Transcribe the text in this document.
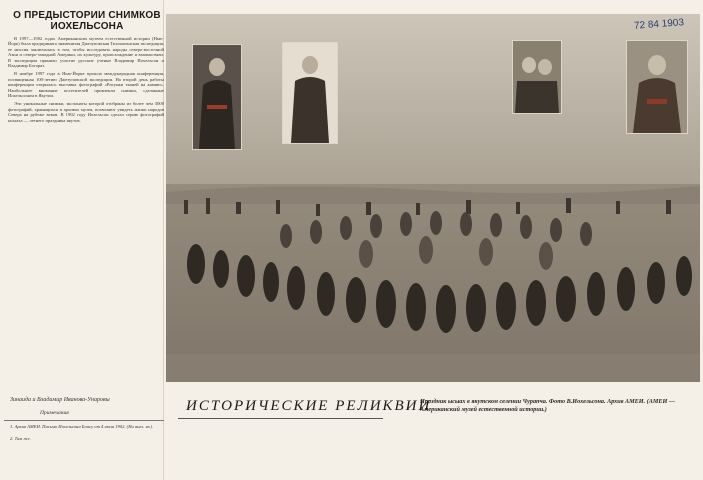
О ПРЕДЫСТОРИИ СНИМКОВ ИОХЕЛЬСОНА

В 1997—1902 годах Американским музеем естественной истории (Нью-Йорк) была предпринята знаменитая Джезуповская Тихоокеанская экспедиция, ее миссия заключалась в том, чтобы исследовать народы северо-восточной Азии и северо-западной Америки, их культуру, происхождение и взаимосвязи. В экспедиции приняли участие русские ученые Владимир Иохельсон и Владимир Богораз.

В ноябре 1997 года в Нью-Йорке прошла международная конференция, посвященная 100-летию Джезуповской экспедиции. На второй день работы конференции открылась выставка фотографий «Рисунки тканей на камню». Наибольшее внимание посетителей привлекли снимки, сделанные Иохельсоном в Якутии.

Эти уникальные снимки, экспонаты которой отобраны из более чем 3000 фотографий, хранящихся в архивах музея, позволяют увидеть жизнь народов Севера на рубеже веков. В 1902 году Иохельсон сделал серию фотографий ысыаха — летнего праздника якутов.

Зинаида и Владимир Иванова-Унаровы
Примечания
1. Архив АМЕИ. Письмо Иохельсона Боасу от 4 июля 1902. (На англ. яз.).
2. Там же.
72 84 1903
ИСТОРИЧЕСКИЕ РЕЛИКВИИ
Праздник ысыах в якутском селении Чурапча. Фото В.Иохельсона. Архив АМЕИ. (АМЕИ — Американский музей естественной истории.)
